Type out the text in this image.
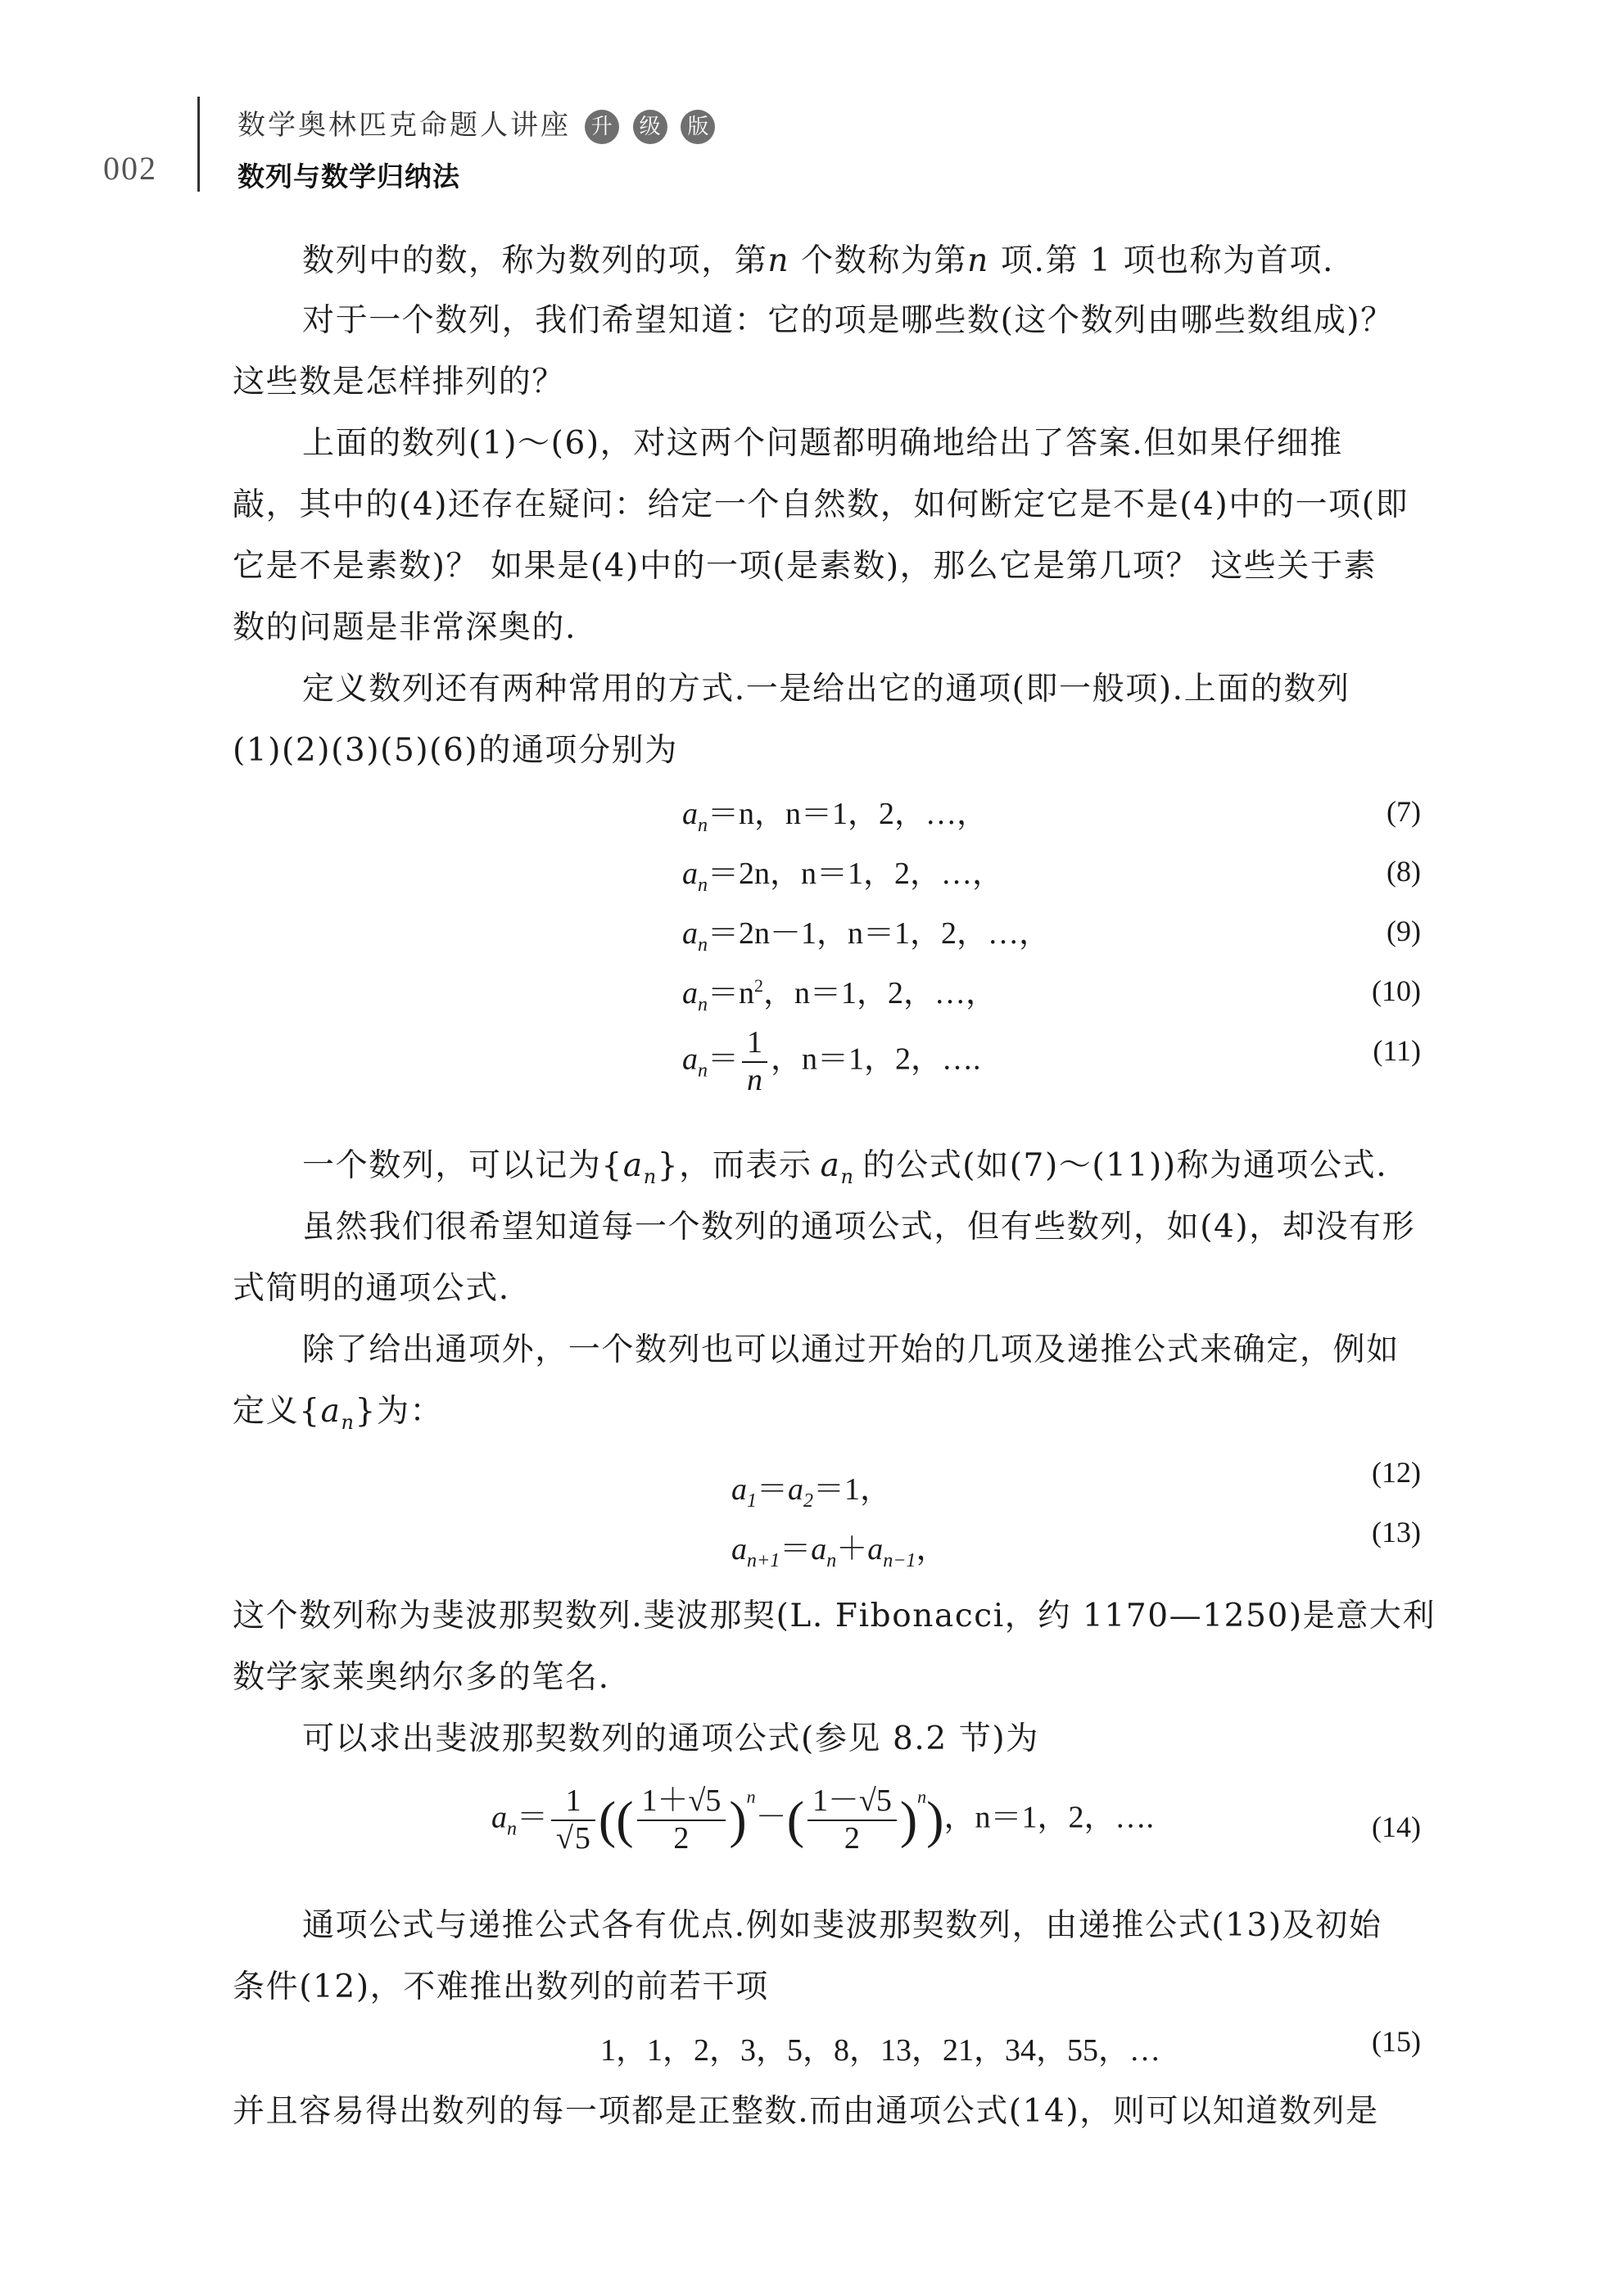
002
数学奥林匹克命题人讲座 升 级 版
数列与数学归纳法
数列中的数，称为数列的项，第n 个数称为第n 项.第 1 项也称为首项.
对于一个数列，我们希望知道：它的项是哪些数(这个数列由哪些数组成)？
这些数是怎样排列的？
上面的数列(1)～(6)，对这两个问题都明确地给出了答案.但如果仔细推
敲，其中的(4)还存在疑问：给定一个自然数，如何断定它是不是(4)中的一项(即
它是不是素数)？ 如果是(4)中的一项(是素数)，那么它是第几项？ 这些关于素
数的问题是非常深奥的.
定义数列还有两种常用的方式.一是给出它的通项(即一般项).上面的数列
(1)(2)(3)(5)(6)的通项分别为
$a_n=n$，n＝1，2，…，	(7)
$a_n=2n$，n＝1，2，…，	(8)
$a_n=2n-1$，n＝1，2，…，	(9)
$a_n=n^2$，n＝1，2，…，	(10)
$a_n= \frac{1}{n}$ ，n＝1，2，….	(11)
一个数列，可以记为$\{a_n\}$，而表示 $a_n$ 的公式(如(7)～(11))称为通项公式.
虽然我们很希望知道每一个数列的通项公式，但有些数列，如(4)，却没有形
式简明的通项公式.
除了给出通项外，一个数列也可以通过开始的几项及递推公式来确定，例如
定义$\{a_n\}$为：
$a_1=a_2=1$，	(12)
$a_{n+1}=a_n+a_{n-1}$，	(13)
这个数列称为斐波那契数列.斐波那契(L. Fibonacci，约 1170—1250)是意大利
数学家莱奥纳尔多的笔名.
可以求出斐波那契数列的通项公式(参见 8.2 节)为
$a_n= \frac{1}{√5}$ (( $\frac{1+√5}{2} )^n-( \frac{1-√5}{2} )^n$)，n＝1，2，….	(14)
通项公式与递推公式各有优点.例如斐波那契数列，由递推公式(13)及初始
条件(12)，不难推出数列的前若干项
1，1，2，3，5，8，13，21，34，55，…	(15)
并且容易得出数列的每一项都是正整数.而由通项公式(14)，则可以知道数列是
